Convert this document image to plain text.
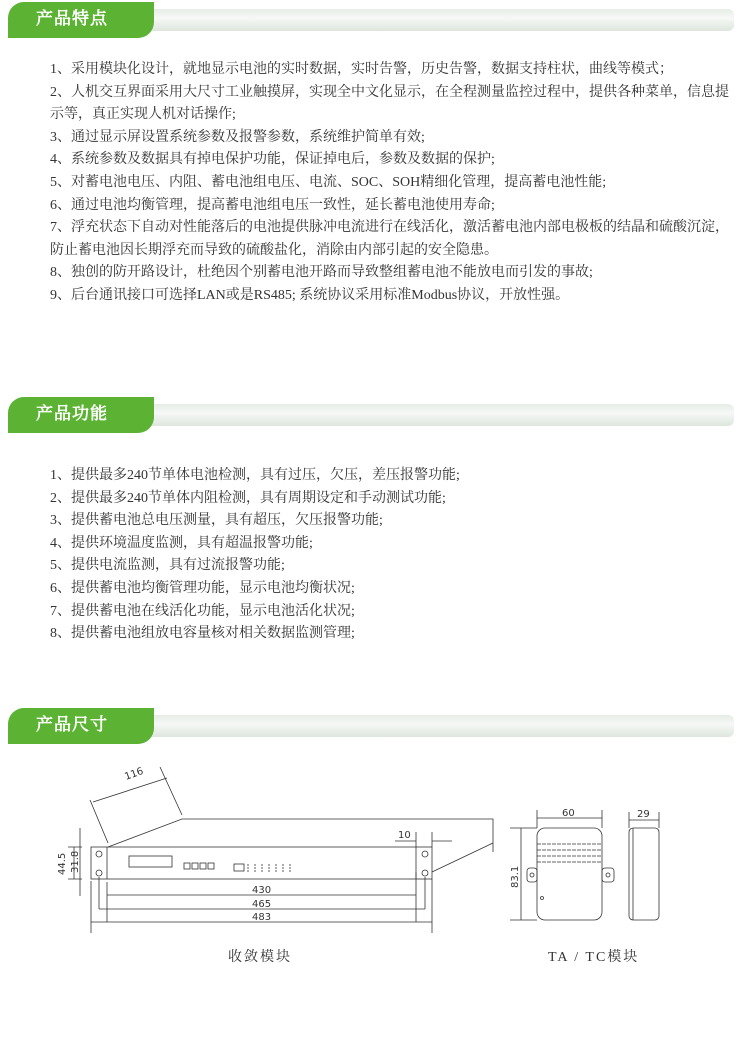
产品特点
1、采用模块化设计，就地显示电池的实时数据，实时告警，历史告警，数据支持柱状，曲线等模式；
2、人机交互界面采用大尺寸工业触摸屏，实现全中文化显示，在全程测量监控过程中，提供各种菜单，信息提示等，真正实现人机对话操作;
3、通过显示屏设置系统参数及报警参数，系统维护简单有效;
4、系统参数及数据具有掉电保护功能，保证掉电后，参数及数据的保护;
5、对蓄电池电压、内阻、蓄电池组电压、电流、SOC、SOH精细化管理，提高蓄电池性能;
6、通过电池均衡管理，提高蓄电池组电压一致性，延长蓄电池使用寿命;
7、浮充状态下自动对性能落后的电池提供脉冲电流进行在线活化，激活蓄电池内部电极板的结晶和硫酸沉淀，防止蓄电池因长期浮充而导致的硫酸盐化，消除由内部引起的安全隐患。
8、独创的防开路设计，杜绝因个别蓄电池开路而导致整组蓄电池不能放电而引发的事故;
9、后台通讯接口可选择LAN或是RS485; 系统协议采用标准Modbus协议，开放性强。
产品功能
1、提供最多240节单体电池检测，具有过压，欠压，差压报警功能;
2、提供最多240节单体内阻检测，具有周期设定和手动测试功能;
3、提供蓄电池总电压测量，具有超压，欠压报警功能;
4、提供环境温度监测，具有超温报警功能;
5、提供电流监测，具有过流报警功能;
6、提供蓄电池均衡管理功能，显示电池均衡状况;
7、提供蓄电池在线活化功能，显示电池活化状况;
8、提供蓄电池组放电容量核对相关数据监测管理;
产品尺寸
116
44.5 31.8
10
430
465
483
收敛模块
60
83.1
29
TA / TC模块
